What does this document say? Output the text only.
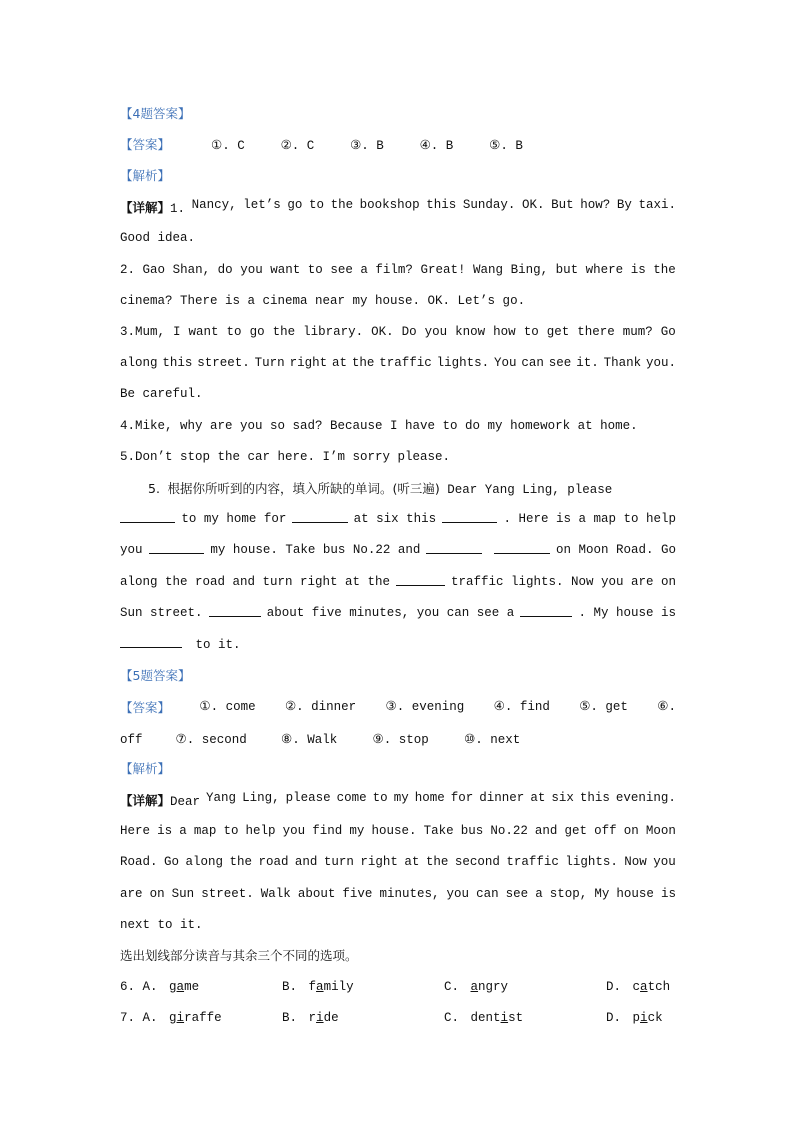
【4题答案】
【答案】	①. C	②. C	③. B	④. B	⑤. B
【解析】
【详解】1. Nancy, let’s go to the bookshop this Sunday. OK. But how? By taxi.
Good idea.
2. Gao Shan, do you want to see a film? Great! Wang Bing, but where is the
cinema? There is a cinema near my house. OK. Let’s go.
3.Mum, I want to go the library. OK. Do you know how to get there mum? Go
along this street. Turn right at the traffic lights. You can see it. Thank you.
Be careful.
4.Mike, why are you so sad? Because I have to do my homework at home.
5.Don’t stop the car here. I’m sorry please.
5. 根据你所听到的内容，填入所缺的单词。(听三遍) Dear Yang Ling, please
to my home for	at six this	. Here is a map to help
you	my house. Take bus No.22 and	on Moon Road. Go
along the road and turn right at the	traffic lights. Now you are on
Sun street.	about five minutes, you can see a	. My house is
to it.
【5题答案】
【答案】 ①. come ②. dinner ③. evening ④. find ⑤. get ⑥.
off	⑦. second	⑧. Walk	⑨. stop	⑩. next
【解析】
【详解】Dear Yang Ling, please come to my home for dinner at six this evening.
Here is a map to help you find my house. Take bus No.22 and get off on Moon
Road. Go along the road and turn right at the second traffic lights. Now you
are on Sun street. Walk about five minutes, you can see a stop, My house is
next to it.
选出划线部分读音与其余三个不同的选项。
6. A. game	B. family	C. angry	D. catch
7. A. giraffe	B. ride	C. dentist	D. pick
